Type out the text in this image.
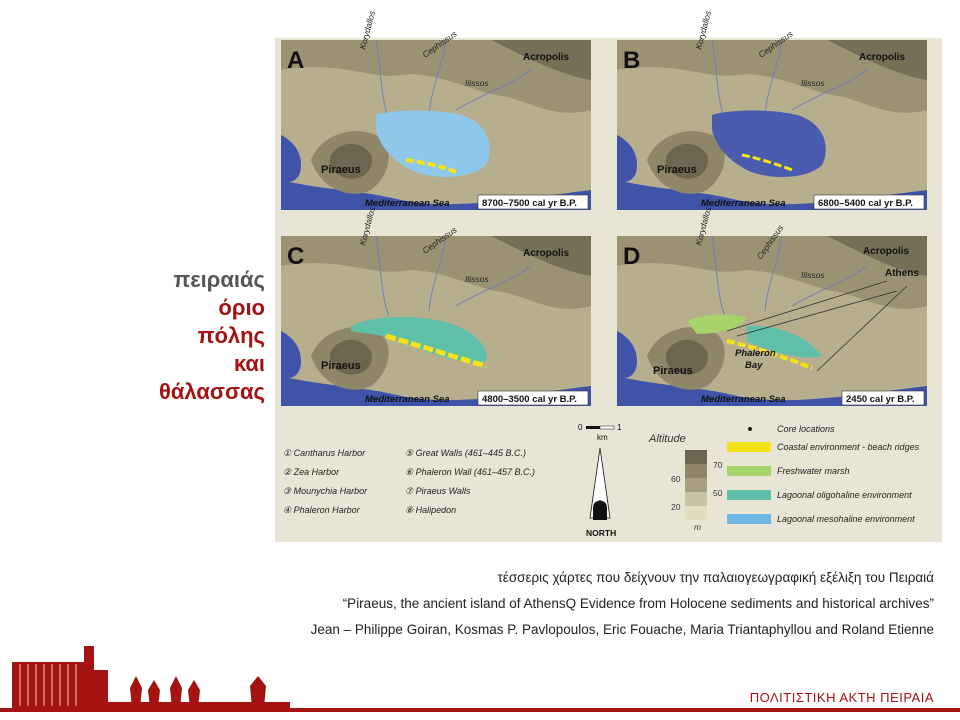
πειραιάς
όριο
πόλης
και
θάλασσας
A	B
C	D
8700–7500 cal yr B.P.	6800–5400 cal yr B.P.
4800–3500 cal yr B.P.	2450 cal yr B.P.
Korydallos	Cephissus
Ilissos
Acropolis
Piraeus
Mediterranean Sea
Korydallos	Cephissus
Ilissos
Acropolis
Piraeus
Mediterranean Sea
Korydallos	Cephissus
Ilissos
Acropolis
Piraeus
Mediterranean Sea
Korydallos	Cephissus
Ilissos
Acropolis
Athens
Piraeus
Phaleron
Bay
Mediterranean Sea
① Cantharus Harbor
② Zea Harbor
③ Mounychia Harbor
④ Phaleron Harbor
⑤ Great Walls (461–445 B.C.)
⑥ Phaleron Wall (461–457 B.C.)
⑦ Piraeus Walls
⑧ Halipedon
0	1
km
NORTH
Altitude
70
60
50
20
m
Core locations
Coastal environment - beach ridges
Freshwater marsh
Lagoonal oligohaline environment
Lagoonal mesohaline environment
τέσσερις χάρτες που δείχνουν την παλαιογεωγραφική εξέλιξη του Πειραιά
“Piraeus, the ancient island of AthensQ Evidence from Holocene sediments and historical archives”
Jean – Philippe Goiran, Kosmas P. Pavlopoulos, Eric Fouache, Maria Triantaphyllou and Roland Etienne
ΠΟΛΙΤΙΣΤΙΚΗ ΑΚΤΗ ΠΕΙΡΑΙΑ
